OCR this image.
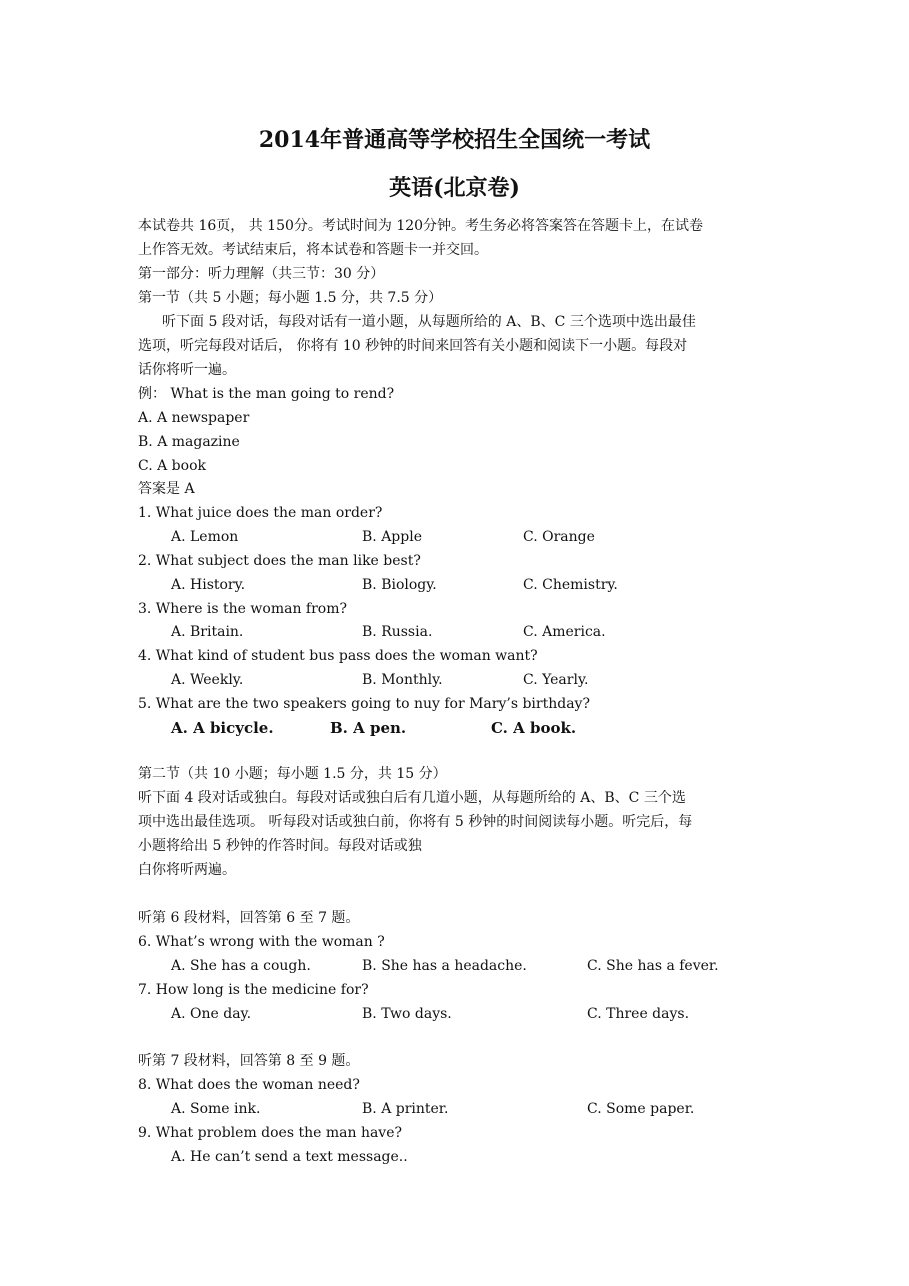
2014年普通高等学校招生全国统一考试
英语(北京卷)
本试卷共 16页， 共 150分。考试时间为 120分钟。考生务必将答案答在答题卡上，在试卷
上作答无效。考试结束后，将本试卷和答题卡一并交回。
第一部分：听力理解（共三节：30 分）
第一节（共 5 小题；每小题 1.5 分，共 7.5 分）
听下面 5 段对话，每段对话有一道小题，从每题所给的 A、B、C 三个选项中选出最佳
选项，听完每段对话后， 你将有 10 秒钟的时间来回答有关小题和阅读下一小题。每段对
话你将听一遍。
例： What is the man going to rend?
A. A newspaper
B. A magazine
C. A book
答案是 A
1. What juice does the man order?
A. Lemon	B. Apple	C. Orange
2. What subject does the man like best?
A. History.	B. Biology.	C. Chemistry.
3. Where is the woman from?
A. Britain.	B. Russia.	C. America.
4. What kind of student bus pass does the woman want?
A. Weekly.	B. Monthly.	C. Yearly.
5. What are the two speakers going to nuy for Mary’s birthday?
A. A bicycle.	B. A pen.	C. A book.
第二节（共 10 小题；每小题 1.5 分，共 15 分）
听下面 4 段对话或独白。每段对话或独白后有几道小题，从每题所给的 A、B、C 三个选
项中选出最佳选项。 听每段对话或独白前，你将有 5 秒钟的时间阅读每小题。听完后，每
小题将给出 5 秒钟的作答时间。每段对话或独
白你将听两遍。
听第 6 段材料，回答第 6 至 7 题。
6. What’s wrong with the woman ?
A. She has a cough.	B. She has a headache.	C. She has a fever.
7. How long is the medicine for?
A. One day.	B. Two days.	C. Three days.
听第 7 段材料，回答第 8 至 9 题。
8. What does the woman need?
A. Some ink.	B. A printer.	C. Some paper.
9. What problem does the man have?
A. He can’t send a text message..
